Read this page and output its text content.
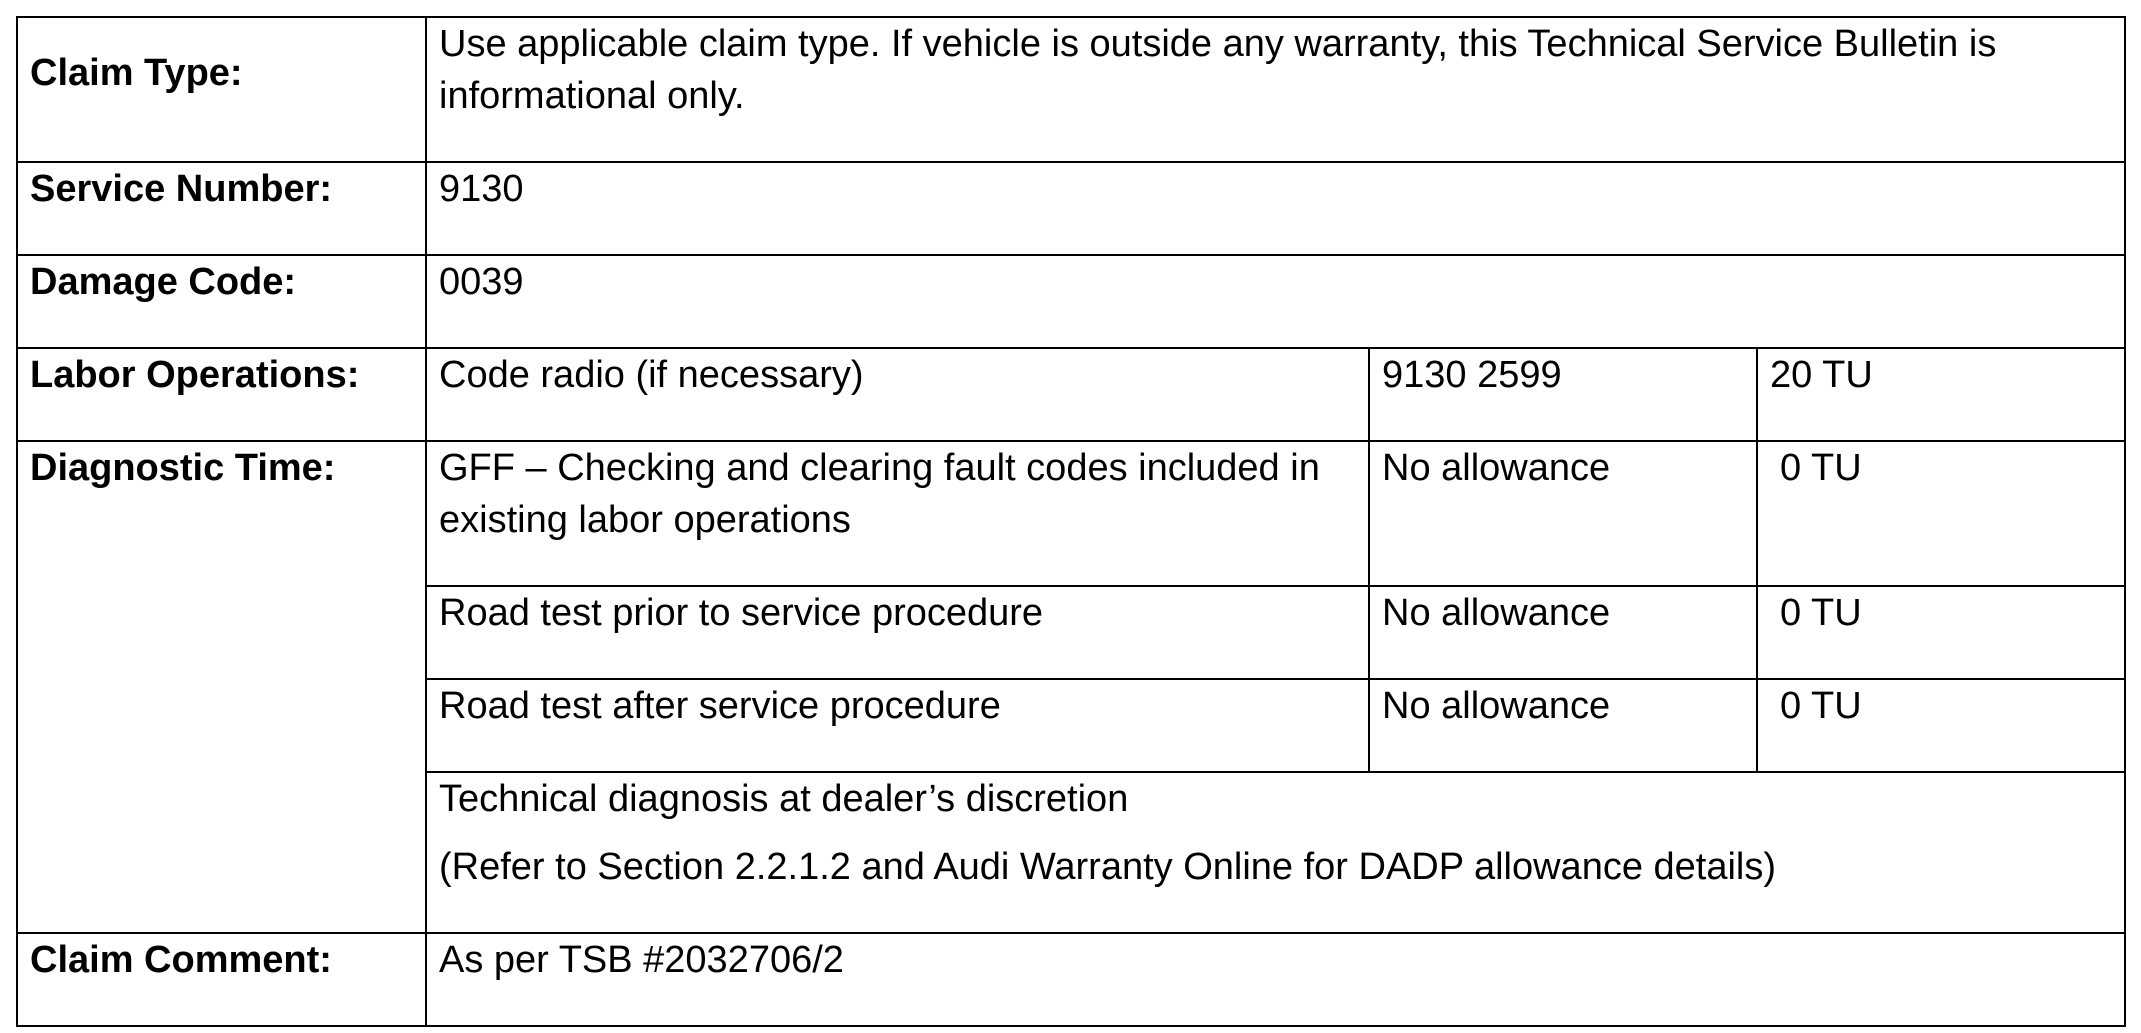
Claim Type:	Use applicable claim type. If vehicle is outside any warranty, this Technical Service Bulletin is informational only.		
Service Number:	9130		
Damage Code:	0039		
Labor Operations:	Code radio (if necessary)	9130 2599	20 TU
Diagnostic Time:	GFF – Checking and clearing fault codes included in existing labor operations	No allowance	0 TU
	Road test prior to service procedure	No allowance	0 TU
	Road test after service procedure	No allowance	0 TU
	Technical diagnosis at dealer’s discretion
(Refer to Section 2.2.1.2 and Audi Warranty Online for DADP allowance details)		

Claim Comment:	As per TSB #2032706/2		
